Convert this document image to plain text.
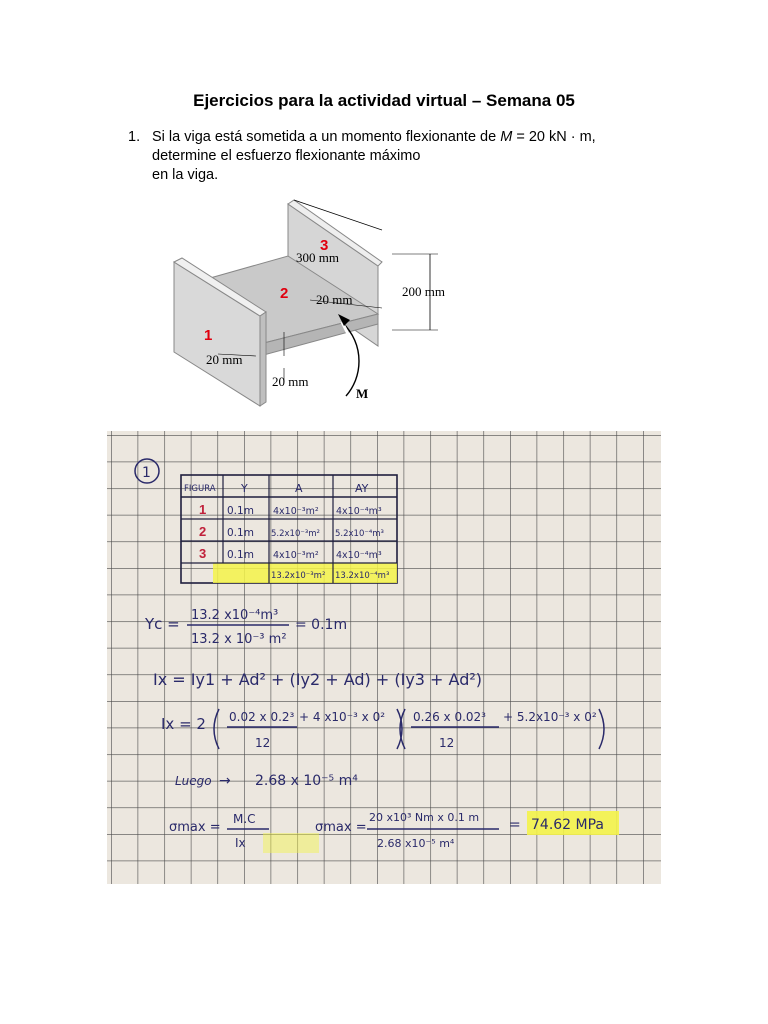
Ejercicios para la actividad virtual – Semana 05
1. Si la viga está sometida a un momento flexionante de M = 20 kN · m,
determine el esfuerzo flexionante máximo
en la viga.
300 mm
20 mm
200 mm
20 mm
20 mm
M
1
2
3
1
FIGURA Y	A	AY
1 0.1m 4x10⁻³m² 4x10⁻⁴m³
2 0.1m 5.2x10⁻³m² 5.2x10⁻⁴m³
3 0.1m 4x10⁻³m² 4x10⁻⁴m³
13.2x10⁻³m² 13.2x10⁻⁴m³
Yc = 13.2 x10⁻⁴m³
13.2 x 10⁻³ m²
= 0.1m
Ix = Iy1 + Ad² + (Iy2 + Ad) + (Iy3 + Ad²)
Ix = 2 0.02 x 0.2³ + 4 x10⁻³ x 0²
12
0.26 x 0.02³ + 5.2x10⁻³ x 0²
12
Luego → 2.68 x 10⁻⁵ m⁴
σmax =
M.C
Ix
σmax =
20 x10³ Nm x 0.1 m
2.68 x10⁻⁵ m⁴
= 74.62 MPa
